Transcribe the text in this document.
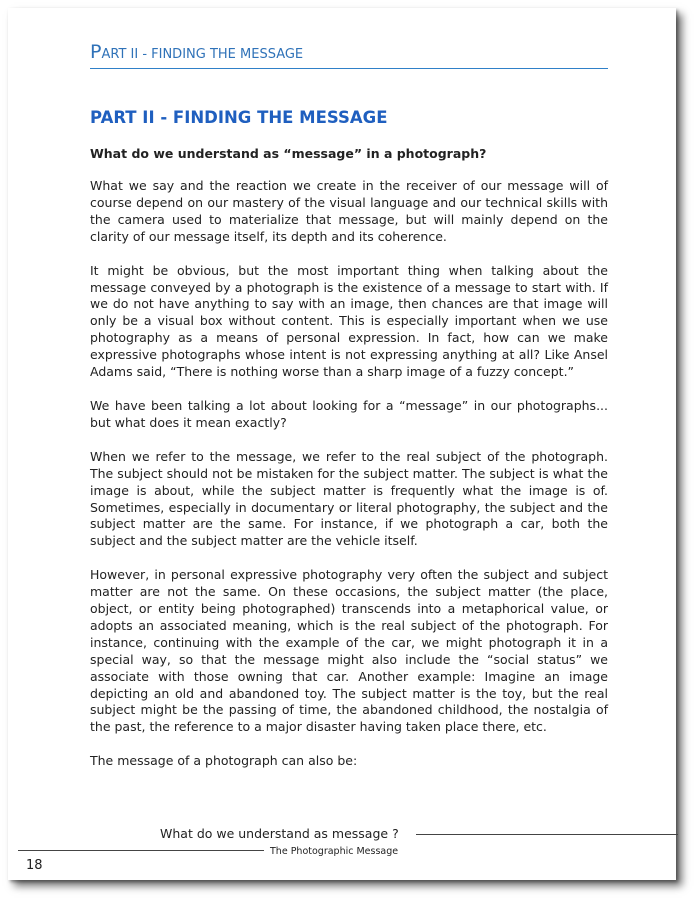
PART II - FINDING THE MESSAGE
PART II - FINDING THE MESSAGE
What do we understand as “message” in a photograph?

What we say and the reaction we create in the receiver of our message will of course depend on our mastery of the visual language and our technical skills with the camera used to materialize that message, but will mainly depend on the clarity of our message itself, its depth and its coherence.

It might be obvious, but the most important thing when talking about the message conveyed by a photograph is the existence of a message to start with. If we do not have anything to say with an image, then chances are that image will only be a visual box without content. This is especially important when we use photography as a means of personal expression. In fact, how can we make expressive photographs whose intent is not expressing anything at all? Like Ansel Adams said, “There is nothing worse than a sharp image of a fuzzy concept.”

We have been talking a lot about looking for a “message” in our photographs... but what does it mean exactly?

When we refer to the message, we refer to the real subject of the photograph. The subject should not be mistaken for the subject matter. The subject is what the image is about, while the subject matter is frequently what the image is of. Sometimes, especially in documentary or literal photography, the subject and the subject matter are the same. For instance, if we photograph a car, both the subject and the subject matter are the vehicle itself.

However, in personal expressive photography very often the subject and subject matter are not the same. On these occasions, the subject matter (the place, object, or entity being photographed) transcends into a metaphorical value, or adopts an associated meaning, which is the real subject of the photograph. For instance, continuing with the example of the car, we might photograph it in a special way, so that the message might also include the “social status” we associate with those owning that car. Another example: Imagine an image depicting an old and abandoned toy. The subject matter is the toy, but the real subject might be the passing of time, the abandoned childhood, the nostalgia of the past, the reference to a major disaster having taken place there, etc.

The message of a photograph can also be:

What do we understand as message ?
The Photographic Message
18
